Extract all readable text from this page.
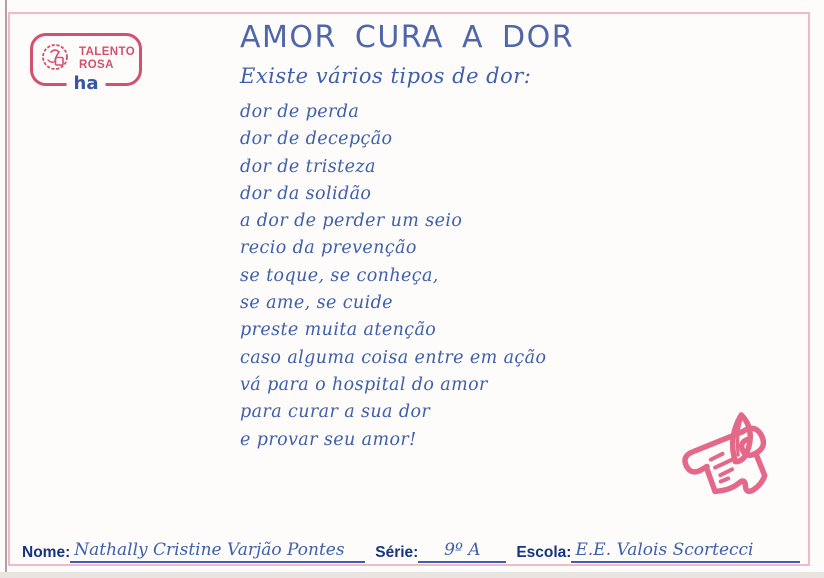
TALENTO
ROSA
ha
AMOR CURA A DOR
Existe vários tipos de dor:
dor de perda
dor de decepção
dor de tristeza
dor da solidão
a dor de perder um seio
recio da prevenção
se toque, se conheça,
se ame, se cuide
preste muita atenção
caso alguma coisa entre em ação
vá para o hospital do amor
para curar a sua dor
e provar seu amor!
Nome: Nathally Cristine Varjão Pontes	Série:	9º A	Escola: E.E. Valois Scortecci
